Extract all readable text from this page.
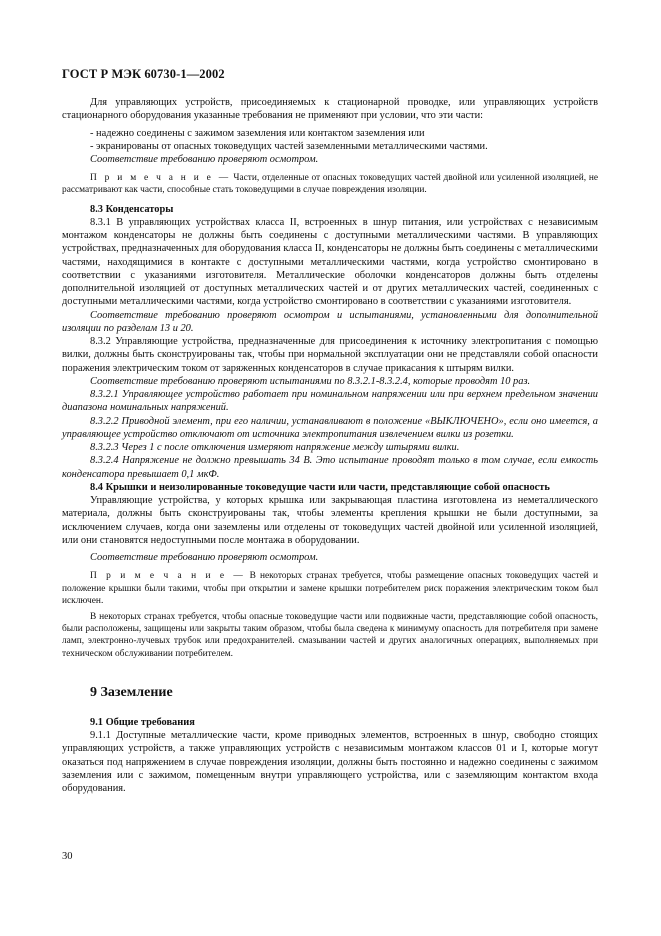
ГОСТ Р МЭК 60730-1—2002

Для управляющих устройств, присоединяемых к стационарной проводке, или управляющих устройств стационарного оборудования указанные требования не применяют при условии, что эти части:

- надежно соединены с зажимом заземления или контактом заземления или

- экранированы от опасных токоведущих частей заземленными металлическими частями.

Соответствие требованию проверяют осмотром.

П р и м е ч а н и е — Части, отделенные от опасных токоведущих частей двойной или усиленной изоляцией, не рассматривают как части, способные стать токоведущими в случае повреждения изоляции.

8.3 Конденсаторы

8.3.1 В управляющих устройствах класса II, встроенных в шнур питания, или устройствах с независимым монтажом конденсаторы не должны быть соединены с доступными металлическими частями. В управляющих устройствах, предназначенных для оборудования класса II, конденсаторы не должны быть соединены с металлическими частями, находящимися в контакте с доступными металлическими частями, когда устройство смонтировано в соответствии с указаниями изготовителя. Металлические оболочки конденсаторов должны быть отделены дополнительной изоляцией от доступных металлических частей и от других металлических частей, соединенных с доступными металлическими частями, когда устройство смонтировано в соответствии с указаниями изготовителя.

Соответствие требованию проверяют осмотром и испытаниями, установленными для дополнительной изоляции по разделам 13 и 20.

8.3.2 Управляющие устройства, предназначенные для присоединения к источнику электропитания с помощью вилки, должны быть сконструированы так, чтобы при нормальной эксплуатации они не представляли собой опасности поражения электрическим током от заряженных конденсаторов в случае прикасания к штырям вилки.

Соответствие требованию проверяют испытаниями по 8.3.2.1-8.3.2.4, которые проводят 10 раз.

8.3.2.1 Управляющее устройство работает при номинальном напряжении или при верхнем предельном значении диапазона номинальных напряжений.

8.3.2.2 Приводной элемент, при его наличии, устанавливают в положение «ВЫКЛЮЧЕНО», если оно имеется, а управляющее устройство отключают от источника электропитания извлечением вилки из розетки.

8.3.2.3 Через 1 с после отключения измеряют напряжение между штырями вилки.

8.3.2.4 Напряжение не должно превышать 34 В. Это испытание проводят только в том случае, если емкость конденсатора превышает 0,1 мкФ.

8.4 Крышки и неизолированные токоведущие части или части, представляющие собой опасность

Управляющие устройства, у которых крышка или закрывающая пластина изготовлена из неметаллического материала, должны быть сконструированы так, чтобы элементы крепления крышки не были доступными, за исключением случаев, когда они заземлены или отделены от токоведущих частей двойной или усиленной изоляцией, или они становятся недоступными после монтажа в оборудовании.

Соответствие требованию проверяют осмотром.

П р и м е ч а н и е — В некоторых странах требуется, чтобы размещение опасных токоведущих частей и положение крышки были такими, чтобы при открытии и замене крышки потребителем риск поражения электрическим током был исключен.

В некоторых странах требуется, чтобы опасные токоведущие части или подвижные части, представляющие собой опасность, были расположены, защищены или закрыты таким образом, чтобы была сведена к минимуму опасность для потребителя при замене ламп, электронно-лучевых трубок или предохранителей. смазывании частей и других аналогичных операциях, выполняемых при техническом обслуживании потребителем.

9 Заземление

9.1 Общие требования

9.1.1 Доступные металлические части, кроме приводных элементов, встроенных в шнур, свободно стоящих управляющих устройств, а также управляющих устройств с независимым монтажом классов 01 и I, которые могут оказаться под напряжением в случае повреждения изоляции, должны быть постоянно и надежно соединены с зажимом заземления или с зажимом, помещенным внутри управляющего устройства, или с заземляющим контактом входа оборудования.

30
